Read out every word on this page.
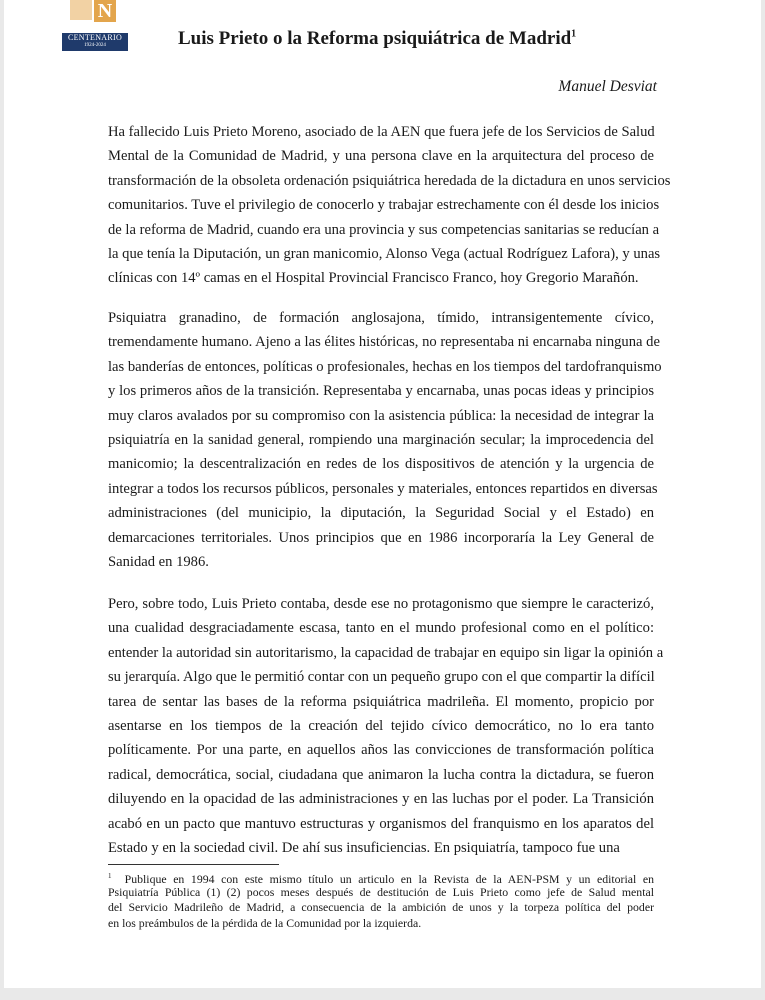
N
CENTENARIO
1924-2024	Luis Prieto o la Reforma psiquiátrica de Madrid$^1$
Manuel Desviat
Ha fallecido Luis Prieto Moreno, asociado de la AEN que fuera jefe de los Servicios de Salud
Mental de la Comunidad de Madrid, y una persona clave en la arquitectura del proceso de
transformación de la obsoleta ordenación psiquiátrica heredada de la dictadura en unos servicios
comunitarios. Tuve el privilegio de conocerlo y trabajar estrechamente con él desde los inicios
de la reforma de Madrid, cuando era una provincia y sus competencias sanitarias se reducían a
la que tenía la Diputación, un gran manicomio, Alonso Vega (actual Rodríguez Lafora), y unas
clínicas con 14º camas en el Hospital Provincial Francisco Franco, hoy Gregorio Marañón.
Psiquiatra granadino, de formación anglosajona, tímido, intransigentemente cívico,
tremendamente humano. Ajeno a las élites históricas, no representaba ni encarnaba ninguna de
las banderías de entonces, políticas o profesionales, hechas en los tiempos del tardofranquismo
y los primeros años de la transición. Representaba y encarnaba, unas pocas ideas y principios
muy claros avalados por su compromiso con la asistencia pública: la necesidad de integrar la
psiquiatría en la sanidad general, rompiendo una marginación secular; la improcedencia del
manicomio; la descentralización en redes de los dispositivos de atención y la urgencia de
integrar a todos los recursos públicos, personales y materiales, entonces repartidos en diversas
administraciones (del municipio, la diputación, la Seguridad Social y el Estado) en
demarcaciones territoriales. Unos principios que en 1986 incorporaría la Ley General de
Sanidad en 1986.
Pero, sobre todo, Luis Prieto contaba, desde ese no protagonismo que siempre le caracterizó,
una cualidad desgraciadamente escasa, tanto en el mundo profesional como en el político:
entender la autoridad sin autoritarismo, la capacidad de trabajar en equipo sin ligar la opinión a
su jerarquía. Algo que le permitió contar con un pequeño grupo con el que compartir la difícil
tarea de sentar las bases de la reforma psiquiátrica madrileña. El momento, propicio por
asentarse en los tiempos de la creación del tejido cívico democrático, no lo era tanto
políticamente. Por una parte, en aquellos años las convicciones de transformación política
radical, democrática, social, ciudadana que animaron la lucha contra la dictadura, se fueron
diluyendo en la opacidad de las administraciones y en las luchas por el poder. La Transición
acabó en un pacto que mantuvo estructuras y organismos del franquismo en los aparatos del
Estado y en la sociedad civil. De ahí sus insuficiencias. En psiquiatría, tampoco fue una
$^1$ Publique en 1994 con este mismo título un articulo en la Revista de la AEN-PSM y un editorial en
Psiquiatría Pública (1) (2) pocos meses después de destitución de Luis Prieto como jefe de Salud mental
del Servicio Madrileño de Madrid, a consecuencia de la ambición de unos y la torpeza política del poder
en los preámbulos de la pérdida de la Comunidad por la izquierda.
